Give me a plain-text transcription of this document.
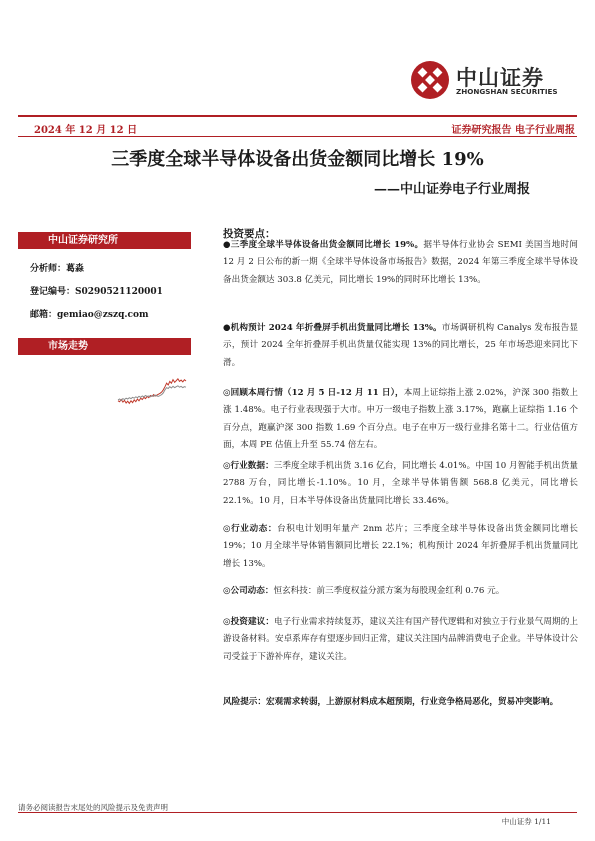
中山证券
ZHONGSHAN SECURITIES
2024 年 12 月 12 日	证券研究报告 电子行业周报
三季度全球半导体设备出货金额同比增长 19%
——中山证券电子行业周报
中山证券研究所
分析师：葛淼
登记编号：S0290521120001
邮箱：gemiao@zszq.com
市场走势
投资要点：
●三季度全球半导体设备出货金额同比增长 19%。据半导体行业协会 SEMI 美国当地时间 12 月 2 日公布的新一期《全球半导体设备市场报告》数据，2024 年第三季度全球半导体设备出货金额达 303.8 亿美元，同比增长 19%的同时环比增长 13%。
●机构预计 2024 年折叠屏手机出货量同比增长 13%。市场调研机构 Canalys 发布报告显示，预计 2024 全年折叠屏手机出货量仅能实现 13%的同比增长，25 年市场恐迎来同比下滑。
◎回顾本周行情（12 月 5 日-12 月 11 日），本周上证综指上涨 2.02%，沪深 300 指数上涨 1.48%。电子行业表现强于大市。申万一级电子指数上涨 3.17%，跑赢上证综指 1.16 个百分点，跑赢沪深 300 指数 1.69 个百分点。电子在申万一级行业排名第十二。行业估值方面，本周 PE 估值上升至 55.74 倍左右。
◎行业数据：三季度全球手机出货 3.16 亿台，同比增长 4.01%。中国 10 月智能手机出货量 2788 万台，同比增长-1.10%。10 月，全球半导体销售额 568.8 亿美元，同比增长 22.1%。10 月，日本半导体设备出货量同比增长 33.46%。
◎行业动态：台积电计划明年量产 2nm 芯片；三季度全球半导体设备出货金额同比增长 19%；10 月全球半导体销售额同比增长 22.1%；机构预计 2024 年折叠屏手机出货量同比增长 13%。
◎公司动态：恒玄科技：前三季度权益分派方案为每股现金红利 0.76 元。
◎投资建议：电子行业需求持续复苏，建议关注有国产替代逻辑和对独立于行业景气周期的上游设备材料。安卓系库存有望逐步回归正常，建议关注国内品牌消费电子企业。半导体设计公司受益于下游补库存，建议关注。
风险提示：宏观需求转弱，上游原材料成本超预期，行业竞争格局恶化，贸易冲突影响。
请务必阅读报告末尾处的风险提示及免责声明
中山证券 1/11
